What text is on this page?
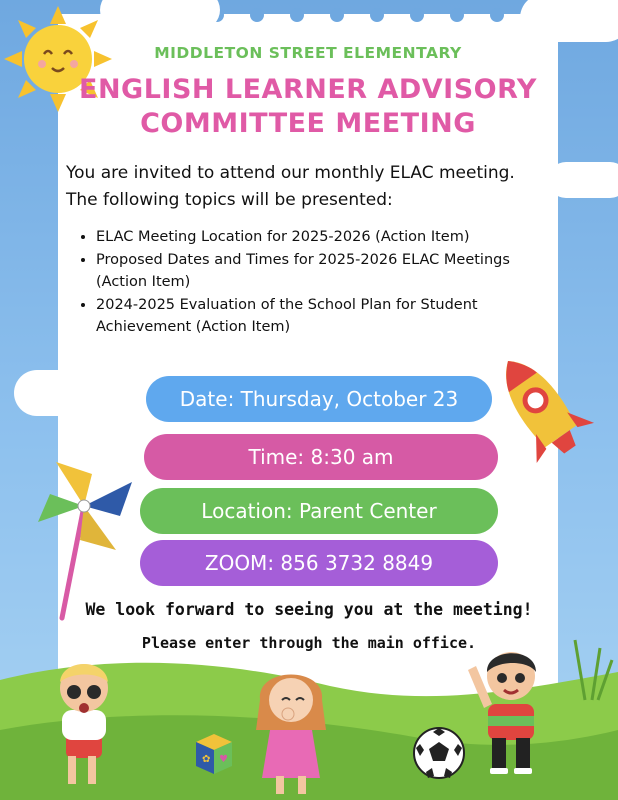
MIDDLETON STREET ELEMENTARY

ENGLISH LEARNER ADVISORY

COMMITTEE MEETING

You are invited to attend our monthly ELAC meeting. The following topics will be presented:

• ELAC Meeting Location for 2025-2026 (Action Item)
• Proposed Dates and Times for 2025-2026 ELAC Meetings (Action Item)
• 2024-2025 Evaluation of the School Plan for Student Achievement (Action Item)
Date: Thursday, October 23
Time: 8:30 am
Location: Parent Center
ZOOM: 856 3732 8849

We look forward to seeing you at the meeting!

Please enter through the main office.

✿ ♥
